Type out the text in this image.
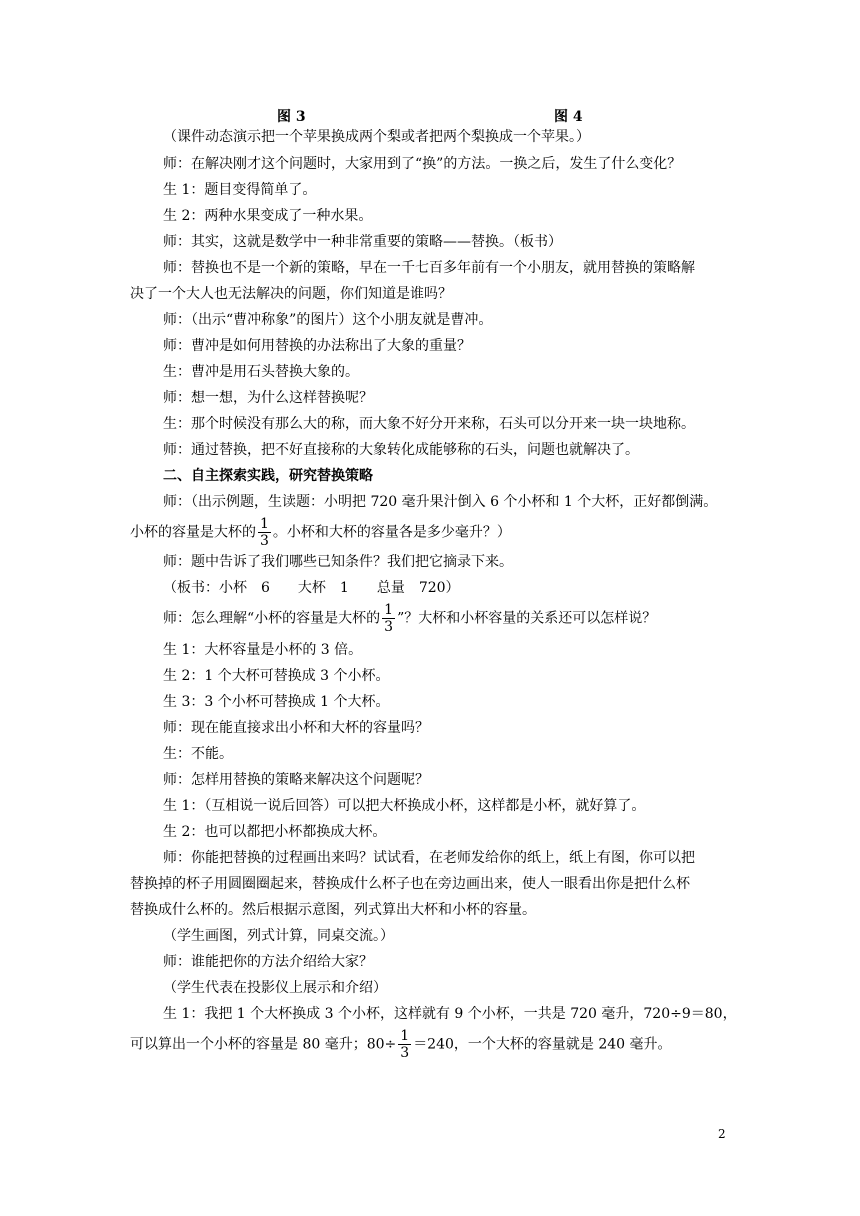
图 3	图 4
（课件动态演示把一个苹果换成两个梨或者把两个梨换成一个苹果。）
师：在解决刚才这个问题时，大家用到了“换”的方法。一换之后，发生了什么变化？
生 1：题目变得简单了。
生 2：两种水果变成了一种水果。
师：其实，这就是数学中一种非常重要的策略——替换。（板书）
师：替换也不是一个新的策略，早在一千七百多年前有一个小朋友，就用替换的策略解
决了一个大人也无法解决的问题，你们知道是谁吗？
师：（出示“曹冲称象”的图片）这个小朋友就是曹冲。
师：曹冲是如何用替换的办法称出了大象的重量？
生：曹冲是用石头替换大象的。
师：想一想，为什么这样替换呢？
生：那个时候没有那么大的称，而大象不好分开来称，石头可以分开来一块一块地称。
师：通过替换，把不好直接称的大象转化成能够称的石头，问题也就解决了。
二、自主探索实践，研究替换策略
师：（出示例题，生读题：小明把 720 毫升果汁倒入 6 个小杯和 1 个大杯，正好都倒满。
小杯的容量是大杯的 $\frac{1}{3}$ 。小杯和大杯的容量各是多少毫升？）
师：题中告诉了我们哪些已知条件？我们把它摘录下来。
（板书：小杯　6　　大杯　1　　总量　720）
师：怎么理解“小杯的容量是大杯的 $\frac{1}{3}$ ”？大杯和小杯容量的关系还可以怎样说？
生 1：大杯容量是小杯的 3 倍。
生 2：1 个大杯可替换成 3 个小杯。
生 3：3 个小杯可替换成 1 个大杯。
师：现在能直接求出小杯和大杯的容量吗？
生：不能。
师：怎样用替换的策略来解决这个问题呢？
生 1：（互相说一说后回答）可以把大杯换成小杯，这样都是小杯，就好算了。
生 2：也可以都把小杯都换成大杯。
师：你能把替换的过程画出来吗？试试看，在老师发给你的纸上，纸上有图，你可以把
替换掉的杯子用圆圈圈起来，替换成什么杯子也在旁边画出来，使人一眼看出你是把什么杯
替换成什么杯的。然后根据示意图，列式算出大杯和小杯的容量。
（学生画图，列式计算，同桌交流。）
师：谁能把你的方法介绍给大家？
（学生代表在投影仪上展示和介绍）
生 1：我把 1 个大杯换成 3 个小杯，这样就有 9 个小杯，一共是 720 毫升，720÷9＝80，
可以算出一个小杯的容量是 80 毫升；$80\div \frac{1}{3} =240$，一个大杯的容量就是 240 毫升。
2
